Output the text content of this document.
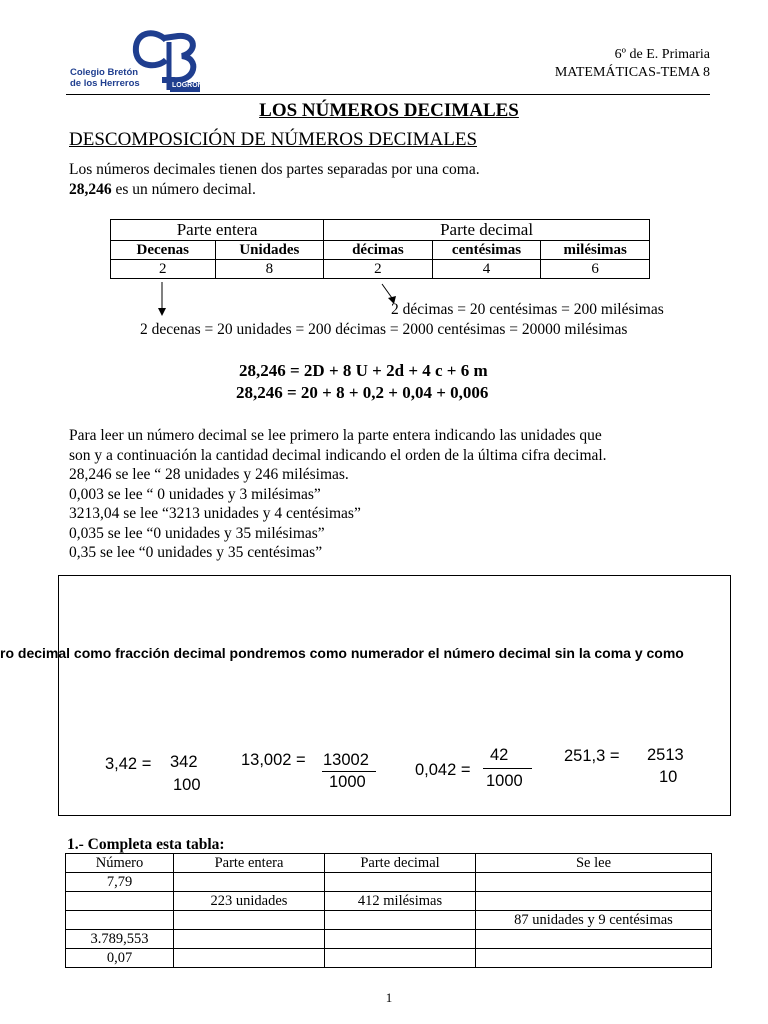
Colegio Bretón
de los Herreros	LOGROÑO
6º de E. Primaria
MATEMÁTICAS-TEMA 8
LOS NÚMEROS DECIMALES
DESCOMPOSICIÓN DE NÚMEROS DECIMALES
Los números decimales tienen dos partes separadas por una coma.
28,246 es un número decimal.
Parte entera		Parte decimal		
Decenas	Unidades	décimas	centésimas	milésimas
2	8	2	4	6
2 décimas = 20 centésimas = 200 milésimas
2 decenas = 20 unidades = 200 décimas = 2000 centésimas = 20000 milésimas
28,246 = 2D + 8 U + 2d + 4 c + 6 m
28,246 = 20 + 8 + 0,2 + 0,04 + 0,006
Para leer un número decimal se lee primero la parte entera indicando las unidades que
son y a continuación la cantidad decimal indicando el orden de la última cifra decimal.
28,246 se lee “ 28 unidades y 246 milésimas.
0,003 se lee “ 0 unidades y 3 milésimas”
3213,04 se lee “3213 unidades y 4 centésimas”
0,035 se lee “0 unidades y 35 milésimas”
0,35 se lee “0 unidades y 35 centésimas”
ro decimal como fracción decimal pondremos como numerador el número decimal sin la coma y como
3,42 = 342
100
13,002 = 13002
1000
0,042 =
42
1000
251,3 = 2513
10
1.- Completa esta tabla:
Número	Parte entera	Parte decimal	Se lee
7,79			
	223 unidades	412 milésimas	
			87 unidades y 9 centésimas
3.789,553			
0,07			
1
